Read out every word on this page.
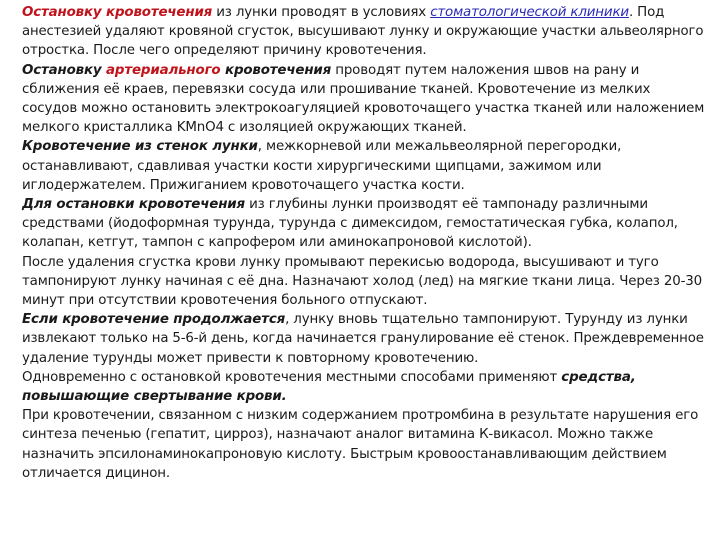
Остановку кровотечения из лунки проводят в условиях стоматологической клиники. Под
анестезией удаляют кровяной сгусток, высушивают лунку и окружающие участки альвеолярного
отростка. После чего определяют причину кровотечения.
Остановку артериального кровотечения проводят путем наложения швов на рану и
сближения её краев, перевязки сосуда или прошивание тканей. Кровотечение из мелких
сосудов можно остановить электрокоагуляцией кровоточащего участка тканей или наложением
мелкого кристаллика KMnO4 с изоляцией окружающих тканей.
Кровотечение из стенок лунки, межкорневой или межальвеолярной перегородки,
останавливают, сдавливая участки кости хирургическими щипцами, зажимом или
иглодержателем. Прижиганием кровоточащего участка кости.
Для остановки кровотечения из глубины лунки производят её тампонаду различными
средствами (йодоформная турунда, турунда с димексидом, гемостатическая губка, колапол,
колапан, кетгут, тампон с капрофером или аминокапроновой кислотой).
После удаления сгустка крови лунку промывают перекисью водорода, высушивают и туго
тампонируют лунку начиная с её дна. Назначают холод (лед) на мягкие ткани лица. Через 20-30
минут при отсутствии кровотечения больного отпускают.
Если кровотечение продолжается, лунку вновь тщательно тампонируют. Турунду из лунки
извлекают только на 5-6-й день, когда начинается гранулирование её стенок. Преждевременное
удаление турунды может привести к повторному кровотечению.
Одновременно с остановкой кровотечения местными способами применяют средства,
повышающие свертывание крови.
При кровотечении, связанном с низким содержанием протромбина в результате нарушения его
синтеза печенью (гепатит, цирроз), назначают аналог витамина К-викасол. Можно также
назначить эпсилонаминокапроновую кислоту. Быстрым кровоостанавливающим действием
отличается дицинон.
